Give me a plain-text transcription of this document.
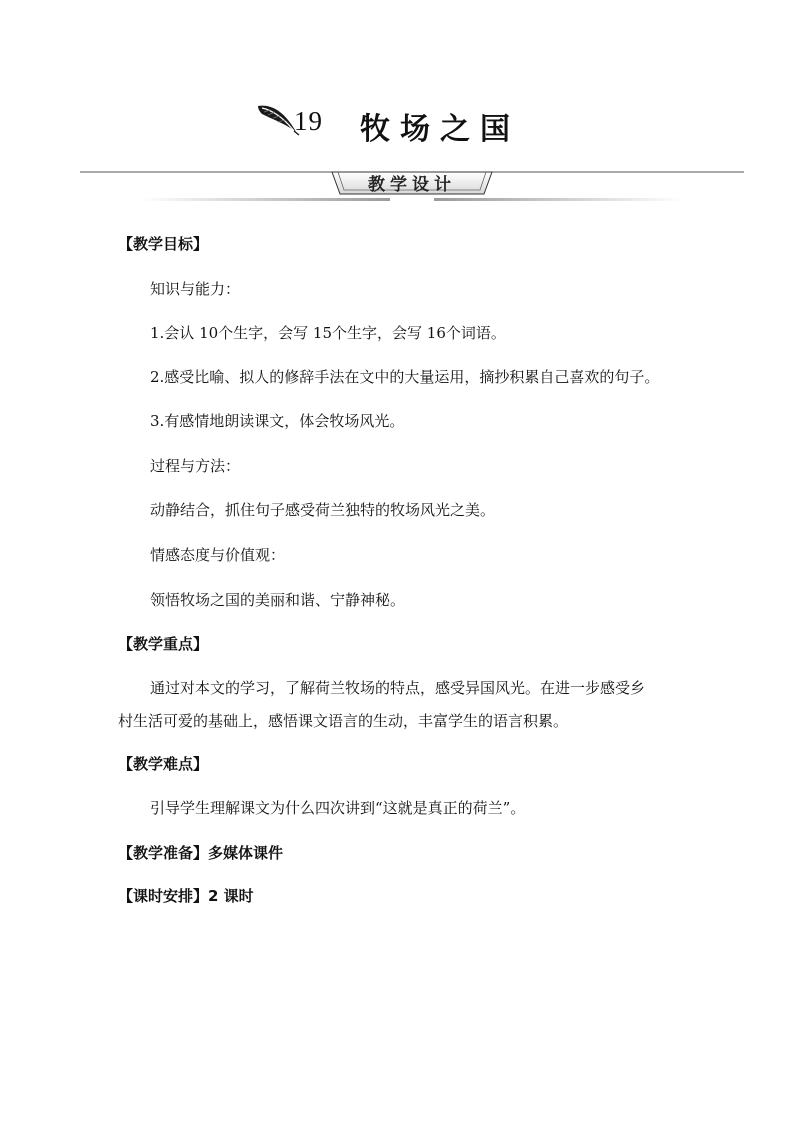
19 牧场之国
教学设计
【教学目标】
知识与能力：
1.会认 10个生字，会写 15个生字，会写 16个词语。
2.感受比喻、拟人的修辞手法在文中的大量运用，摘抄积累自己喜欢的句子。
3.有感情地朗读课文，体会牧场风光。
过程与方法：
动静结合，抓住句子感受荷兰独特的牧场风光之美。
情感态度与价值观：
领悟牧场之国的美丽和谐、宁静神秘。
【教学重点】
通过对本文的学习，了解荷兰牧场的特点，感受异国风光。在进一步感受乡
村生活可爱的基础上，感悟课文语言的生动，丰富学生的语言积累。
【教学难点】
引导学生理解课文为什么四次讲到“这就是真正的荷兰”。
【教学准备】多媒体课件
【课时安排】2 课时
